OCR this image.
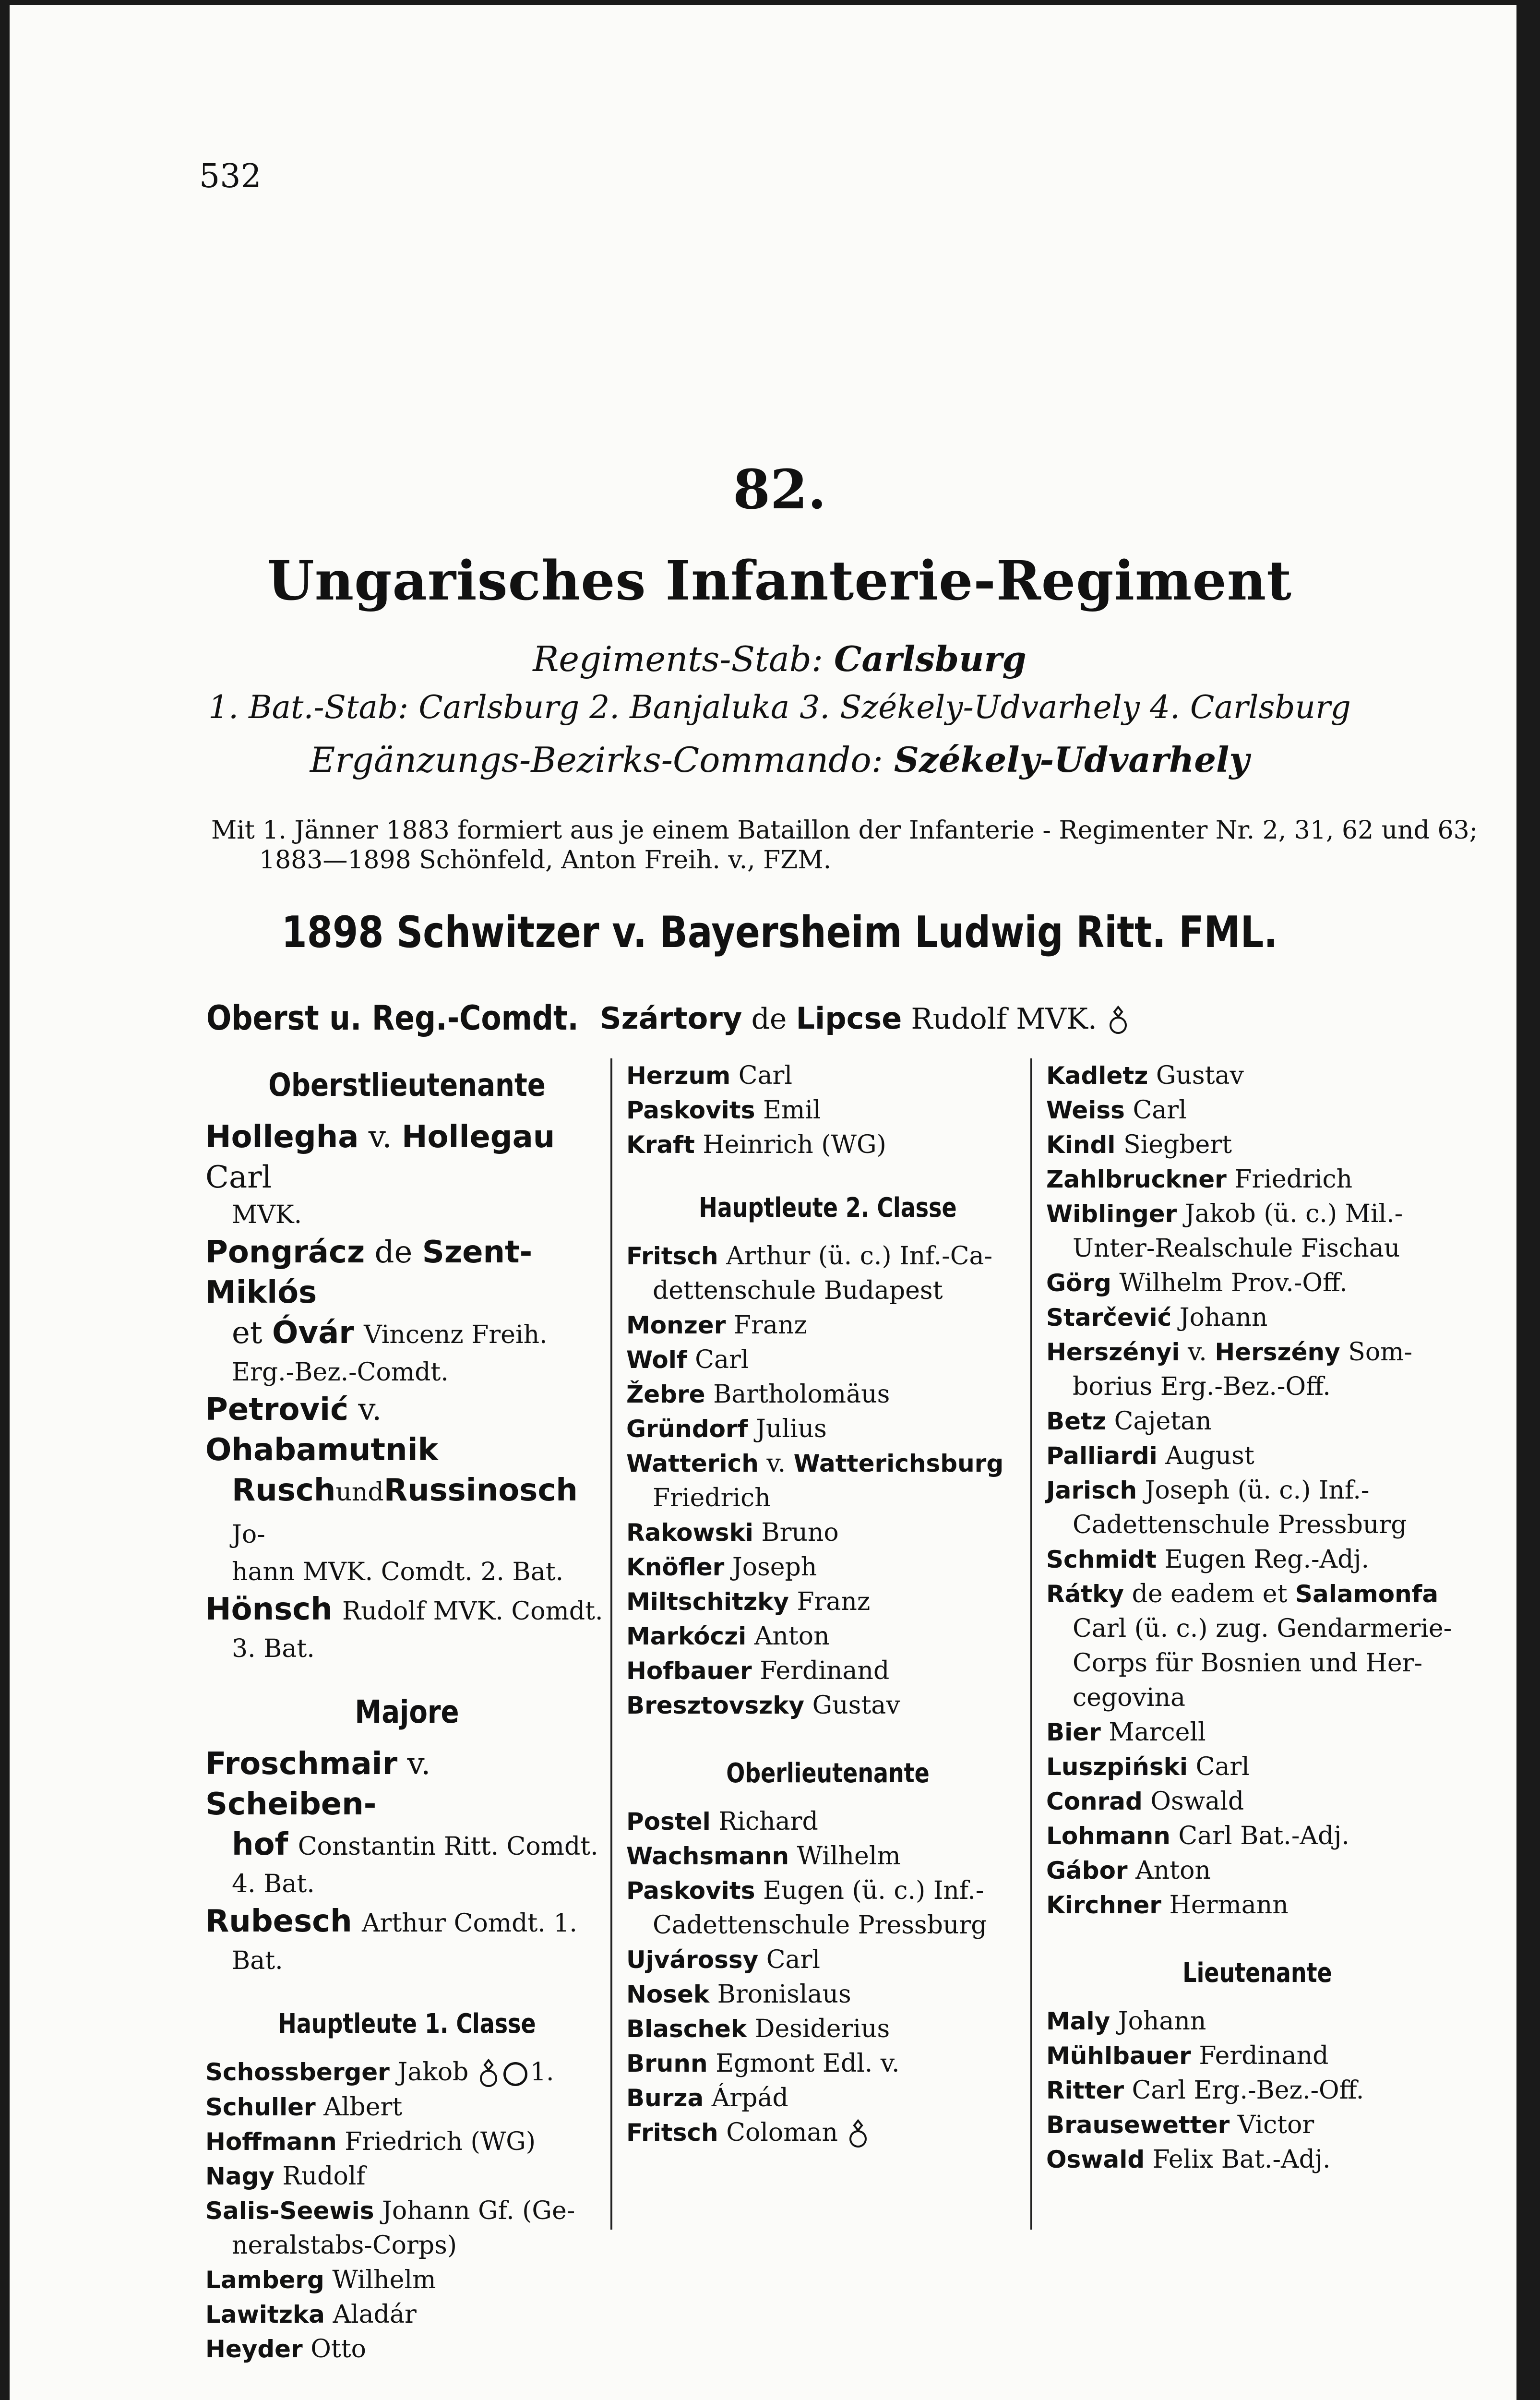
532
82.
Ungarisches Infanterie-Regiment
Regiments-Stab: Carlsburg
1. Bat.-Stab: Carlsburg 2. Banjaluka 3. Székely-Udvarhely 4. Carlsburg
Ergänzungs-Bezirks-Commando: Székely-Udvarhely
Mit 1. Jänner 1883 formiert aus je einem Bataillon der Infanterie - Regimenter Nr. 2, 31, 62 und 63;
1883—1898 Schönfeld, Anton Freih. v., FZM.
1898 Schwitzer v. Bayersheim Ludwig Ritt. FML.
Oberst u. Reg.-Comdt. Szártory de Lipcse Rudolf MVK.
Oberstlieutenante
Hollegha v. Hollegau Carl
MVK.
Pongrácz de Szent-Miklós
et Óvár Vincenz Freih.
Erg.-Bez.-Comdt.
Petrović v. Ohabamutnik
RuschundRussinosch Jo-
hann MVK. Comdt. 2. Bat.
Hönsch Rudolf MVK. Comdt.
3. Bat.
Majore
Froschmair v. Scheiben-
hof Constantin Ritt. Comdt.
4. Bat.
Rubesch Arthur Comdt. 1.
Bat.
Hauptleute 1. Classe
Schossberger Jakob 1.
Schuller Albert
Hoffmann Friedrich (WG)
Nagy Rudolf
Salis-Seewis Johann Gf. (Ge-
neralstabs-Corps)
Lamberg Wilhelm
Lawitzka Aladár
Heyder Otto
Herzum Carl
Paskovits Emil
Kraft Heinrich (WG)
Hauptleute 2. Classe
Fritsch Arthur (ü. c.) Inf.-Ca-
dettenschule Budapest
Monzer Franz
Wolf Carl
Žebre Bartholomäus
Gründorf Julius
Watterich v. Watterichsburg
Friedrich
Rakowski Bruno
Knöfler Joseph
Miltschitzky Franz
Markóczi Anton
Hofbauer Ferdinand
Bresztovszky Gustav
Oberlieutenante
Postel Richard
Wachsmann Wilhelm
Paskovits Eugen (ü. c.) Inf.-
Cadettenschule Pressburg
Ujvárossy Carl
Nosek Bronislaus
Blaschek Desiderius
Brunn Egmont Edl. v.
Burza Árpád
Fritsch Coloman
Kadletz Gustav
Weiss Carl
Kindl Siegbert
Zahlbruckner Friedrich
Wiblinger Jakob (ü. c.) Mil.-
Unter-Realschule Fischau
Görg Wilhelm Prov.-Off.
Starčević Johann
Herszényi v. Herszény Som-
borius Erg.-Bez.-Off.
Betz Cajetan
Palliardi August
Jarisch Joseph (ü. c.) Inf.-
Cadettenschule Pressburg
Schmidt Eugen Reg.-Adj.
Rátky de eadem et Salamonfa
Carl (ü. c.) zug. Gendarmerie-
Corps für Bosnien und Her-
cegovina
Bier Marcell
Luszpiński Carl
Conrad Oswald
Lohmann Carl Bat.-Adj.
Gábor Anton
Kirchner Hermann
Lieutenante
Maly Johann
Mühlbauer Ferdinand
Ritter Carl Erg.-Bez.-Off.
Brausewetter Victor
Oswald Felix Bat.-Adj.
